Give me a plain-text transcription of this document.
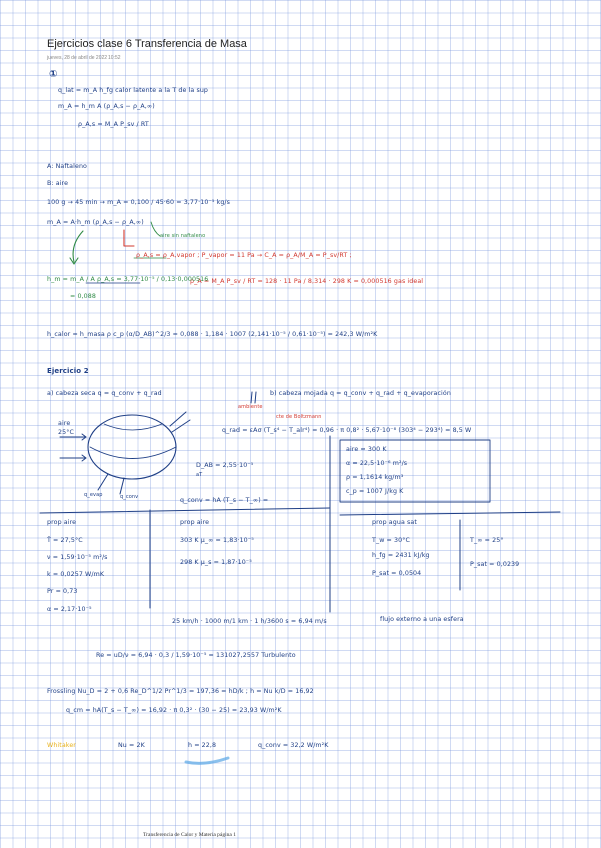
Ejercicios clase 6 Transferencia de Masa
jueves, 28 de abril de 2022 10:52
①
q_lat = m_A h_fg calor latente a la T de la sup
m_A = h_m A (ρ_A,s − ρ_A,∞)
ρ_A,s = M_A P_sv / RT
A: Naftaleno
B: aire
100 g → 45 min → m_A = 0,100 / 45·60 = 3,77·10⁻⁵ kg/s
m_A = A·h_m (ρ_A,s − ρ_A,∞)
aire sin naftaleno
ρ_A,s = ρ_A,vapor ; P_vapor = 11 Pa → C_A = ρ_A/M_A = P_sv/RT ;
ρ_A = M_A P_sv / RT = 128 · 11 Pa / 8,314 · 298 K = 0,000516 gas ideal
h_m = m_A / A ρ_A,s = 3,77·10⁻⁵ / 0,13·0,000516
= 0,088
h_calor = h_masa ρ c_p (α/D_AB)^2/3 = 0,088 · 1,184 · 1007 (2,141·10⁻⁵ / 0,61·10⁻⁵) = 242,3 W/m²K
Ejercicio 2
a) cabeza seca q = q_conv + q_rad	b) cabeza mojada q = q_conv + q_rad + q_evaporación
ambiente
cte de Boltzmann
q_rad = εAσ (T_s⁴ − T_alr⁴) = 0,96 · π 0,8² · 5,67·10⁻⁸ (303⁴ − 293⁴) = 8,5 W
aire
25°C
q_evap	q_conv
D_AB = 2,55·10⁻⁵
aT
q_conv = hA (T_s − T_∞) =
aire ≈ 300 K
α = 22,5·10⁻⁶ m²/s
ρ = 1,1614 kg/m³
c_p = 1007 J/kg K
prop aire
T̄ = 27,5°C
ν = 1,59·10⁻⁵ m²/s
k = 0,0257 W/mK
Pr = 0,73
α = 2,17·10⁻⁵
prop aire
303 K μ_∞ = 1,83·10⁻⁵
298 K μ_s = 1,87·10⁻⁵
prop agua sat
T_w = 30°C
h_fg = 2431 kJ/kg
P_sat = 0,0504
T_∞ = 25°
P_sat = 0,0239
25 km/h · 1000 m/1 km · 1 h/3600 s = 6,94 m/s	flujo externo a una esfera
Re = uD/ν = 6,94 · 0,3 / 1,59·10⁻⁵ = 131027,2557 Turbulento
Frossling Nu_D = 2 + 0,6 Re_D^1/2 Pr^1/3 = 197,36 = hD/k ; h = Nu k/D = 16,92
q_cm = hA(T_s − T_∞) = 16,92 · π 0,3² · (30 − 25) = 23,93 W/m²K
Whitaker	Nu = 2K	h = 22,8	q_conv = 32,2 W/m²K
Transferencia de Calor y Materia página 1
